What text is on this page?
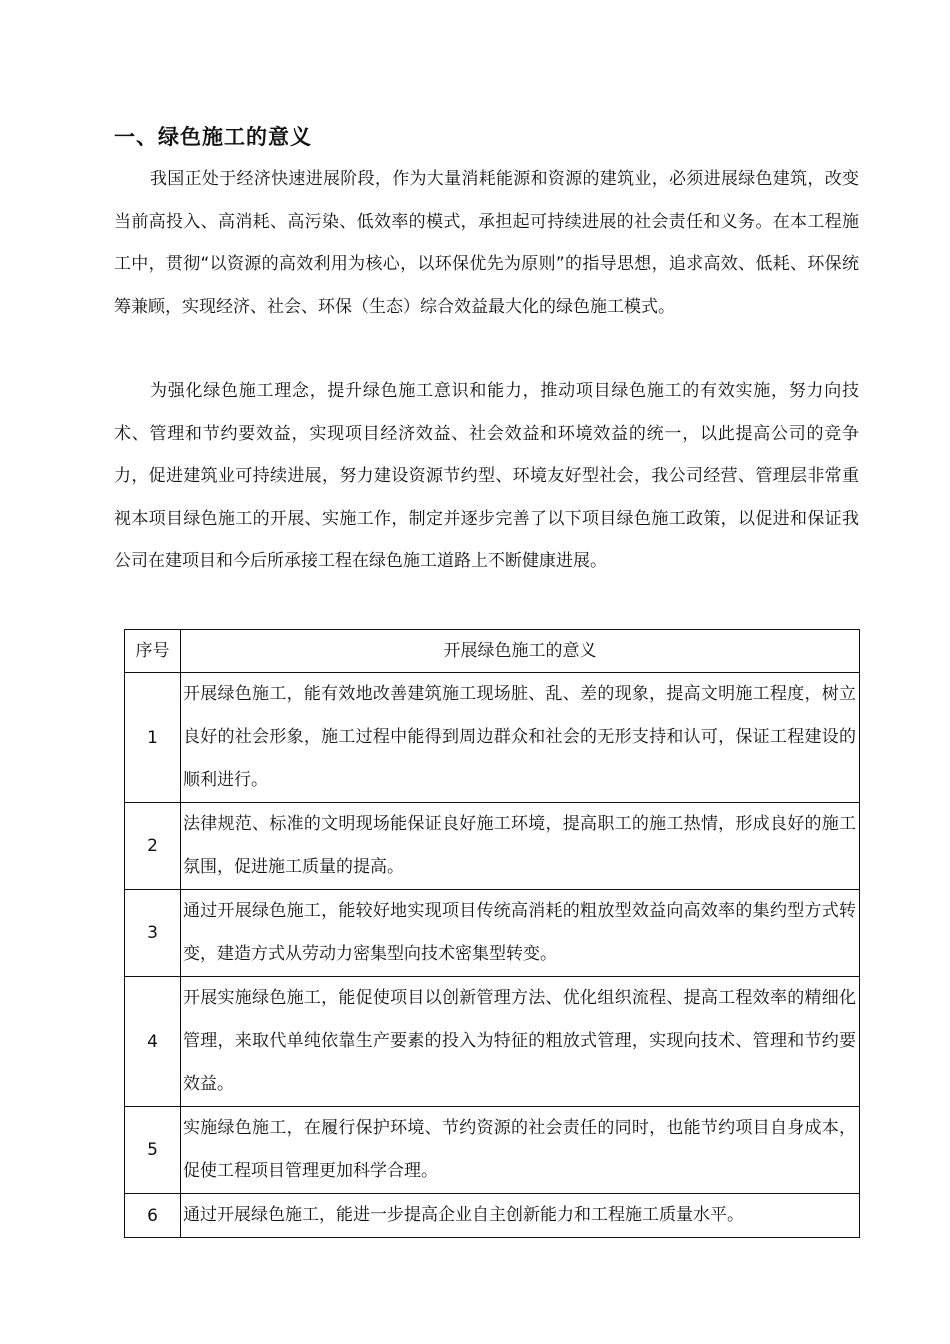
一、绿色施工的意义
我国正处于经济快速进展阶段，作为大量消耗能源和资源的建筑业，必须进展绿色建筑，改变当前高投入、高消耗、高污染、低效率的模式，承担起可持续进展的社会责任和义务。在本工程施工中，贯彻“以资源的高效利用为核心，以环保优先为原则”的指导思想，追求高效、低耗、环保统筹兼顾，实现经济、社会、环保（生态）综合效益最大化的绿色施工模式。
为强化绿色施工理念，提升绿色施工意识和能力，推动项目绿色施工的有效实施，努力向技术、管理和节约要效益，实现项目经济效益、社会效益和环境效益的统一，以此提高公司的竞争力，促进建筑业可持续进展，努力建设资源节约型、环境友好型社会，我公司经营、管理层非常重视本项目绿色施工的开展、实施工作，制定并逐步完善了以下项目绿色施工政策，以促进和保证我公司在建项目和今后所承接工程在绿色施工道路上不断健康进展。
序号	开展绿色施工的意义
1	开展绿色施工，能有效地改善建筑施工现场脏、乱、差的现象，提高文明施工程度，树立良好的社会形象，施工过程中能得到周边群众和社会的无形支持和认可，保证工程建设的顺利进行。
2	法律规范、标准的文明现场能保证良好施工环境，提高职工的施工热情，形成良好的施工氛围，促进施工质量的提高。
3	通过开展绿色施工，能较好地实现项目传统高消耗的粗放型效益向高效率的集约型方式转变，建造方式从劳动力密集型向技术密集型转变。
4	开展实施绿色施工，能促使项目以创新管理方法、优化组织流程、提高工程效率的精细化管理，来取代单纯依靠生产要素的投入为特征的粗放式管理，实现向技术、管理和节约要效益。
5	实施绿色施工，在履行保护环境、节约资源的社会责任的同时，也能节约项目自身成本，促使工程项目管理更加科学合理。
6	通过开展绿色施工，能进一步提高企业自主创新能力和工程施工质量水平。
